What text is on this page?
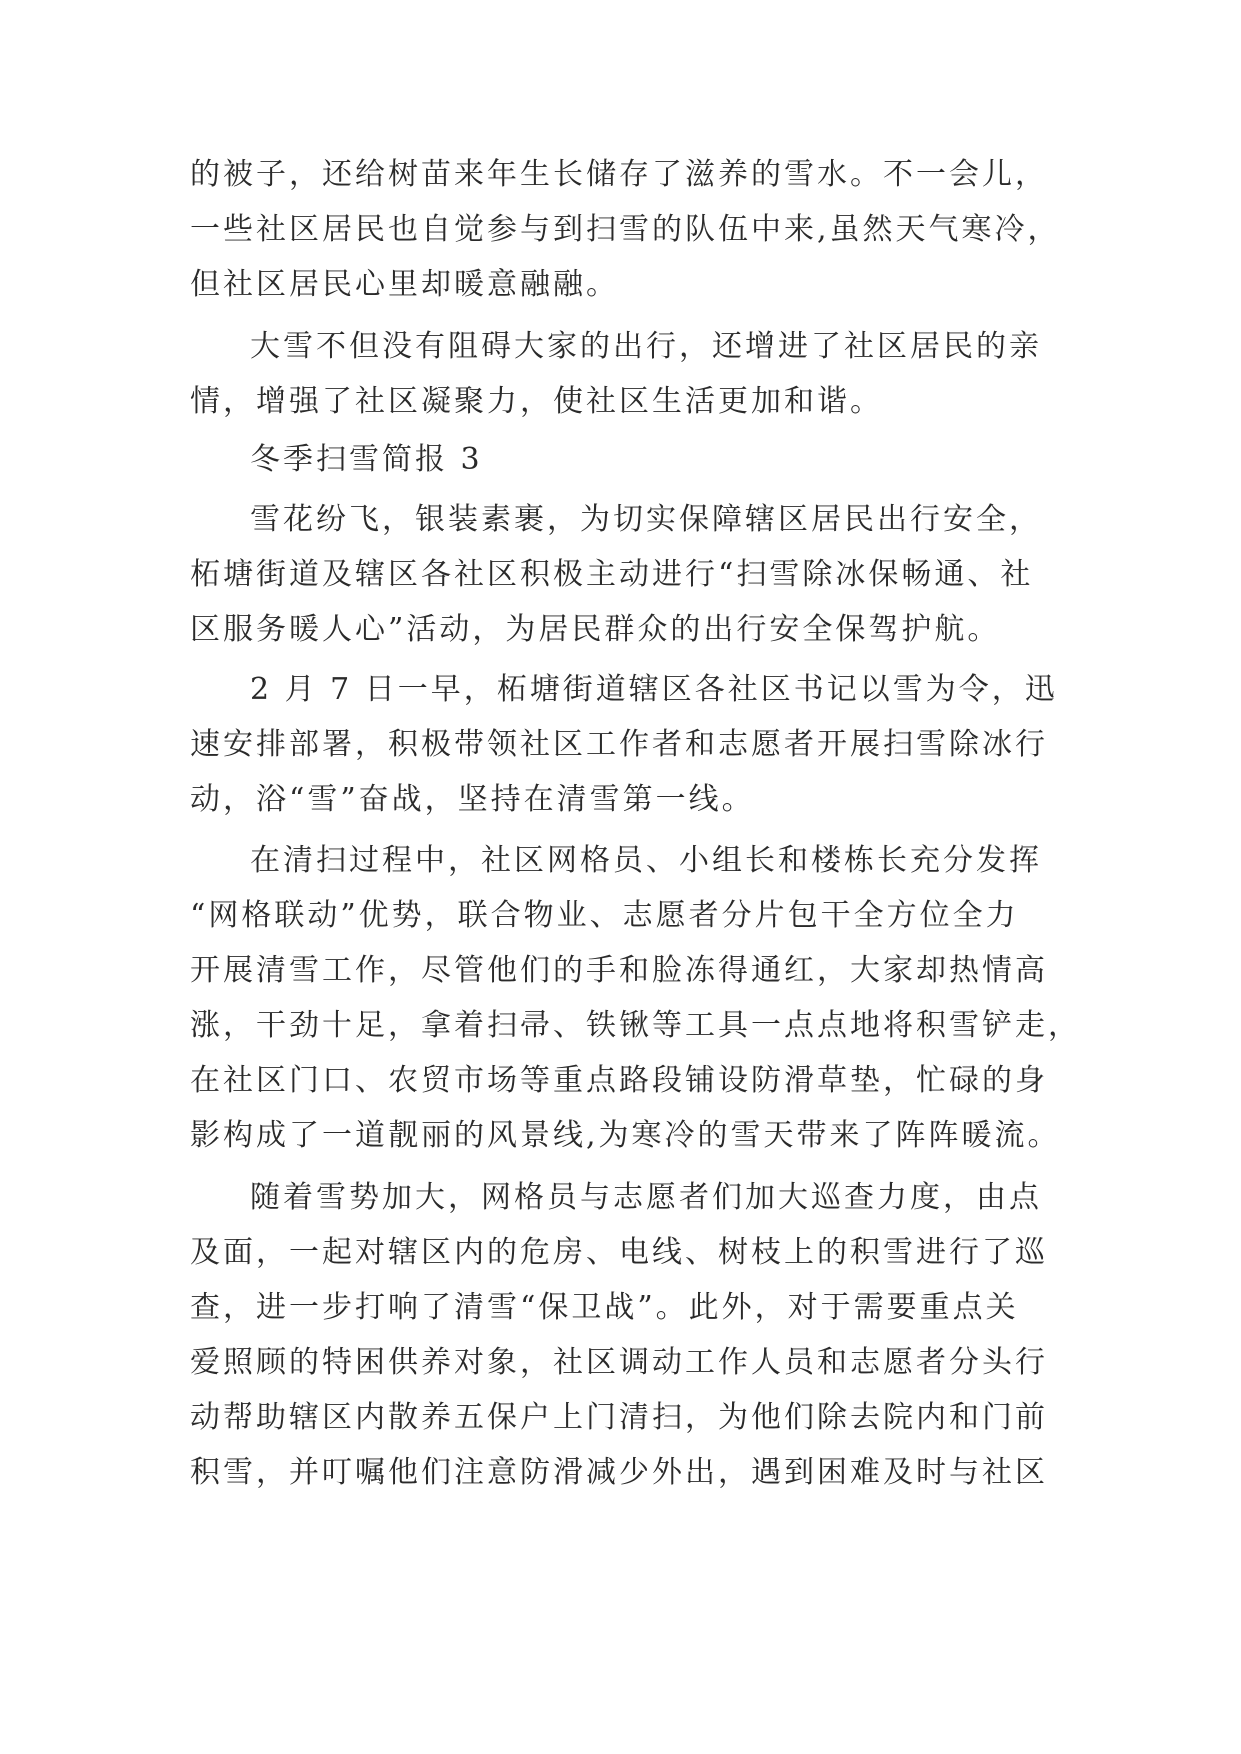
的被子，还给树苗来年生长储存了滋养的雪水。不一会儿，
一些社区居民也自觉参与到扫雪的队伍中来,虽然天气寒冷，
但社区居民心里却暖意融融。
大雪不但没有阻碍大家的出行，还增进了社区居民的亲
情，增强了社区凝聚力，使社区生活更加和谐。
冬季扫雪简报 3
雪花纷飞，银装素裹，为切实保障辖区居民出行安全，
柘塘街道及辖区各社区积极主动进行“扫雪除冰保畅通、社
区服务暖人心”活动，为居民群众的出行安全保驾护航。
2 月 7 日一早，柘塘街道辖区各社区书记以雪为令，迅
速安排部署，积极带领社区工作者和志愿者开展扫雪除冰行
动，浴“雪”奋战，坚持在清雪第一线。
在清扫过程中，社区网格员、小组长和楼栋长充分发挥
“网格联动”优势，联合物业、志愿者分片包干全方位全力
开展清雪工作，尽管他们的手和脸冻得通红，大家却热情高
涨，干劲十足，拿着扫帚、铁锹等工具一点点地将积雪铲走，
在社区门口、农贸市场等重点路段铺设防滑草垫，忙碌的身
影构成了一道靓丽的风景线,为寒冷的雪天带来了阵阵暖流。
随着雪势加大，网格员与志愿者们加大巡查力度，由点
及面，一起对辖区内的危房、电线、树枝上的积雪进行了巡
查，进一步打响了清雪“保卫战”。此外，对于需要重点关
爱照顾的特困供养对象，社区调动工作人员和志愿者分头行
动帮助辖区内散养五保户上门清扫，为他们除去院内和门前
积雪，并叮嘱他们注意防滑减少外出，遇到困难及时与社区
